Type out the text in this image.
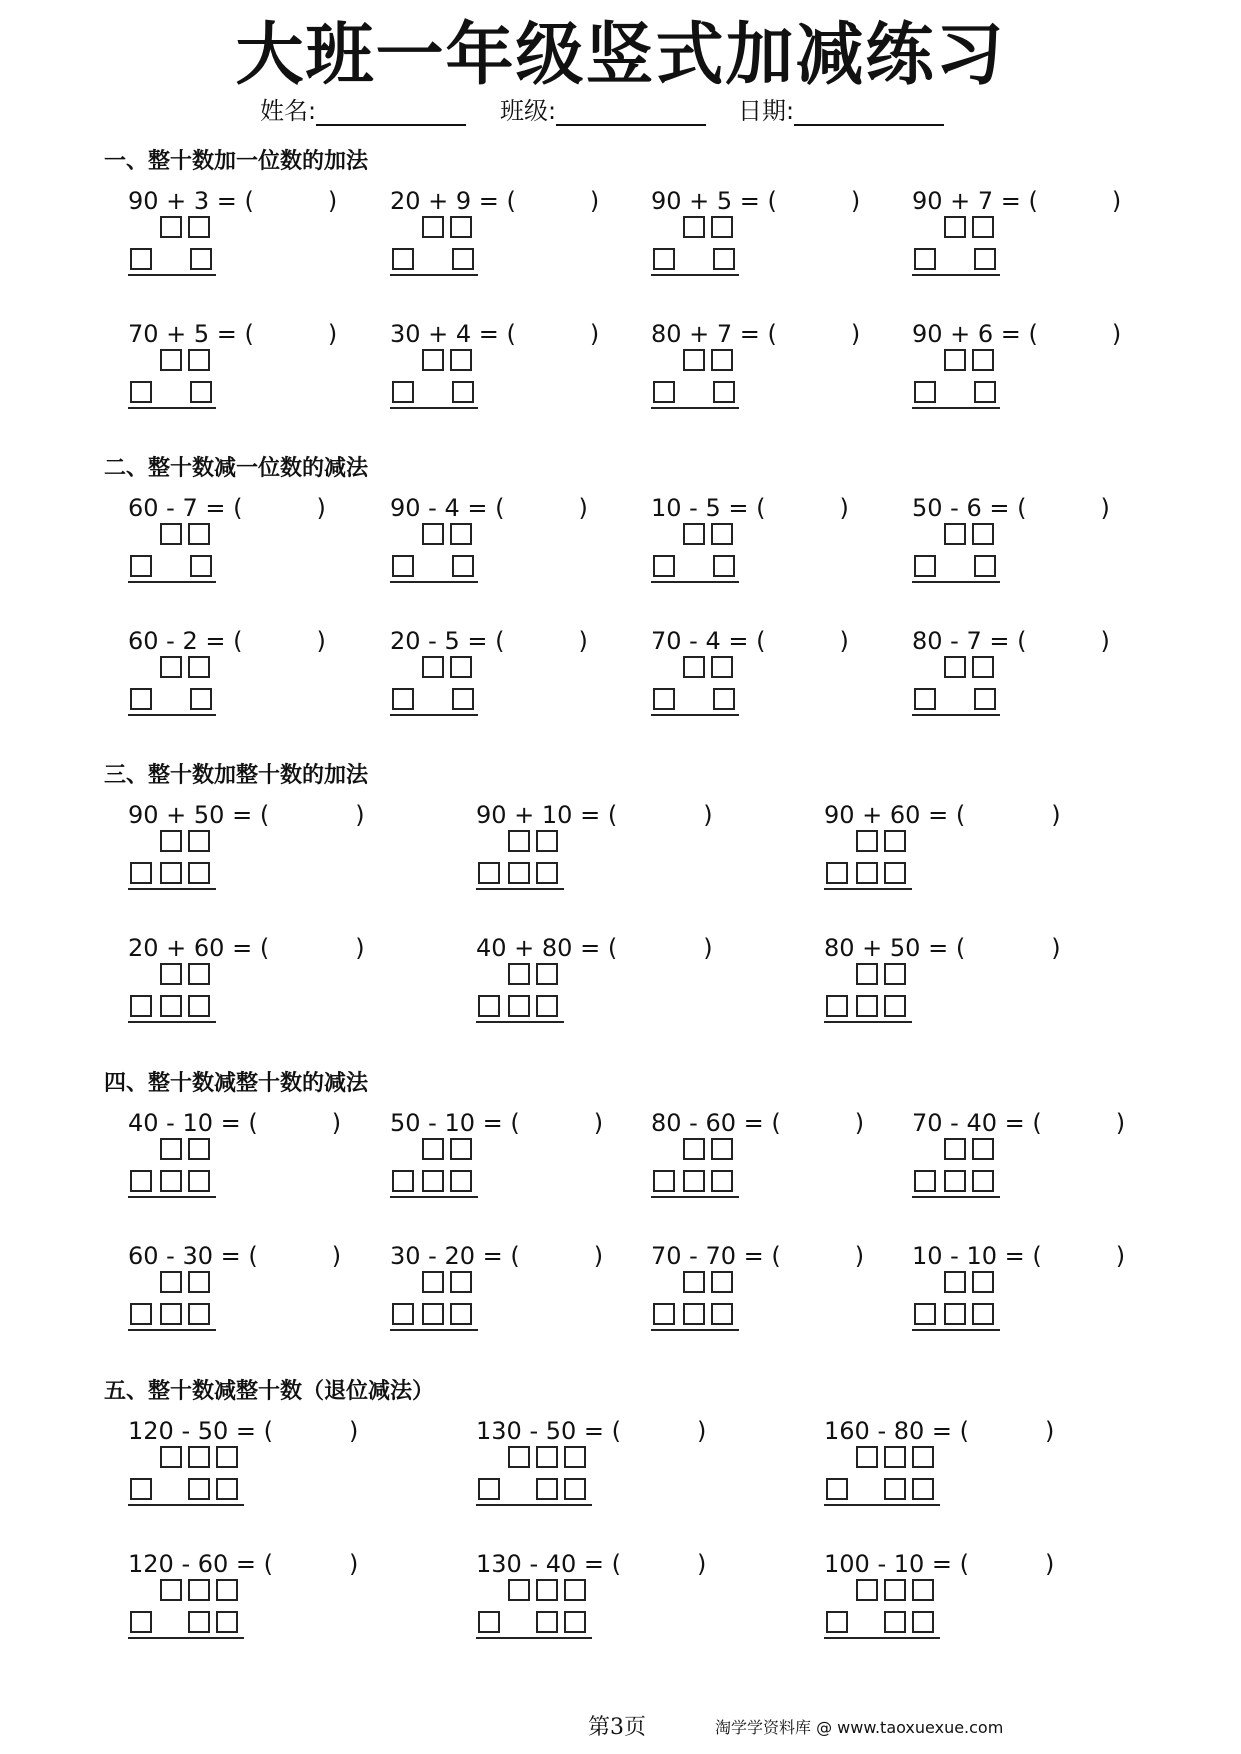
大班一年级竖式加减练习
姓名:	班级:	日期:
一、整十数加一位数的加法
90 + 3 = (	) 20 + 9 = (	) 90 + 5 = (	) 90 + 7 = (	)
70 + 5 = (	) 30 + 4 = (	) 80 + 7 = (	) 90 + 6 = (	)
二、整十数减一位数的减法
60 - 7 = (	)	90 - 4 = (	)	10 - 5 = (	)	50 - 6 = (	)
60 - 2 = (	)	20 - 5 = (	)	70 - 4 = (	)	80 - 7 = (	)
三、整十数加整十数的加法
90 + 50 = (	)	90 + 10 = (	)	90 + 60 = (	)
20 + 60 = (	)	40 + 80 = (	)	80 + 50 = (	)
四、整十数减整十数的减法
40 - 10 = (	) 50 - 10 = (	) 80 - 60 = (	) 70 - 40 = (	)
60 - 30 = (	) 30 - 20 = (	) 70 - 70 = (	) 10 - 10 = (	)
五、整十数减整十数（退位减法）
120 - 50 = (	)	130 - 50 = (	)	160 - 80 = (	)
120 - 60 = (	)	130 - 40 = (	)	100 - 10 = (	)
第3页	淘学学资料库 @ www.taoxuexue.com
